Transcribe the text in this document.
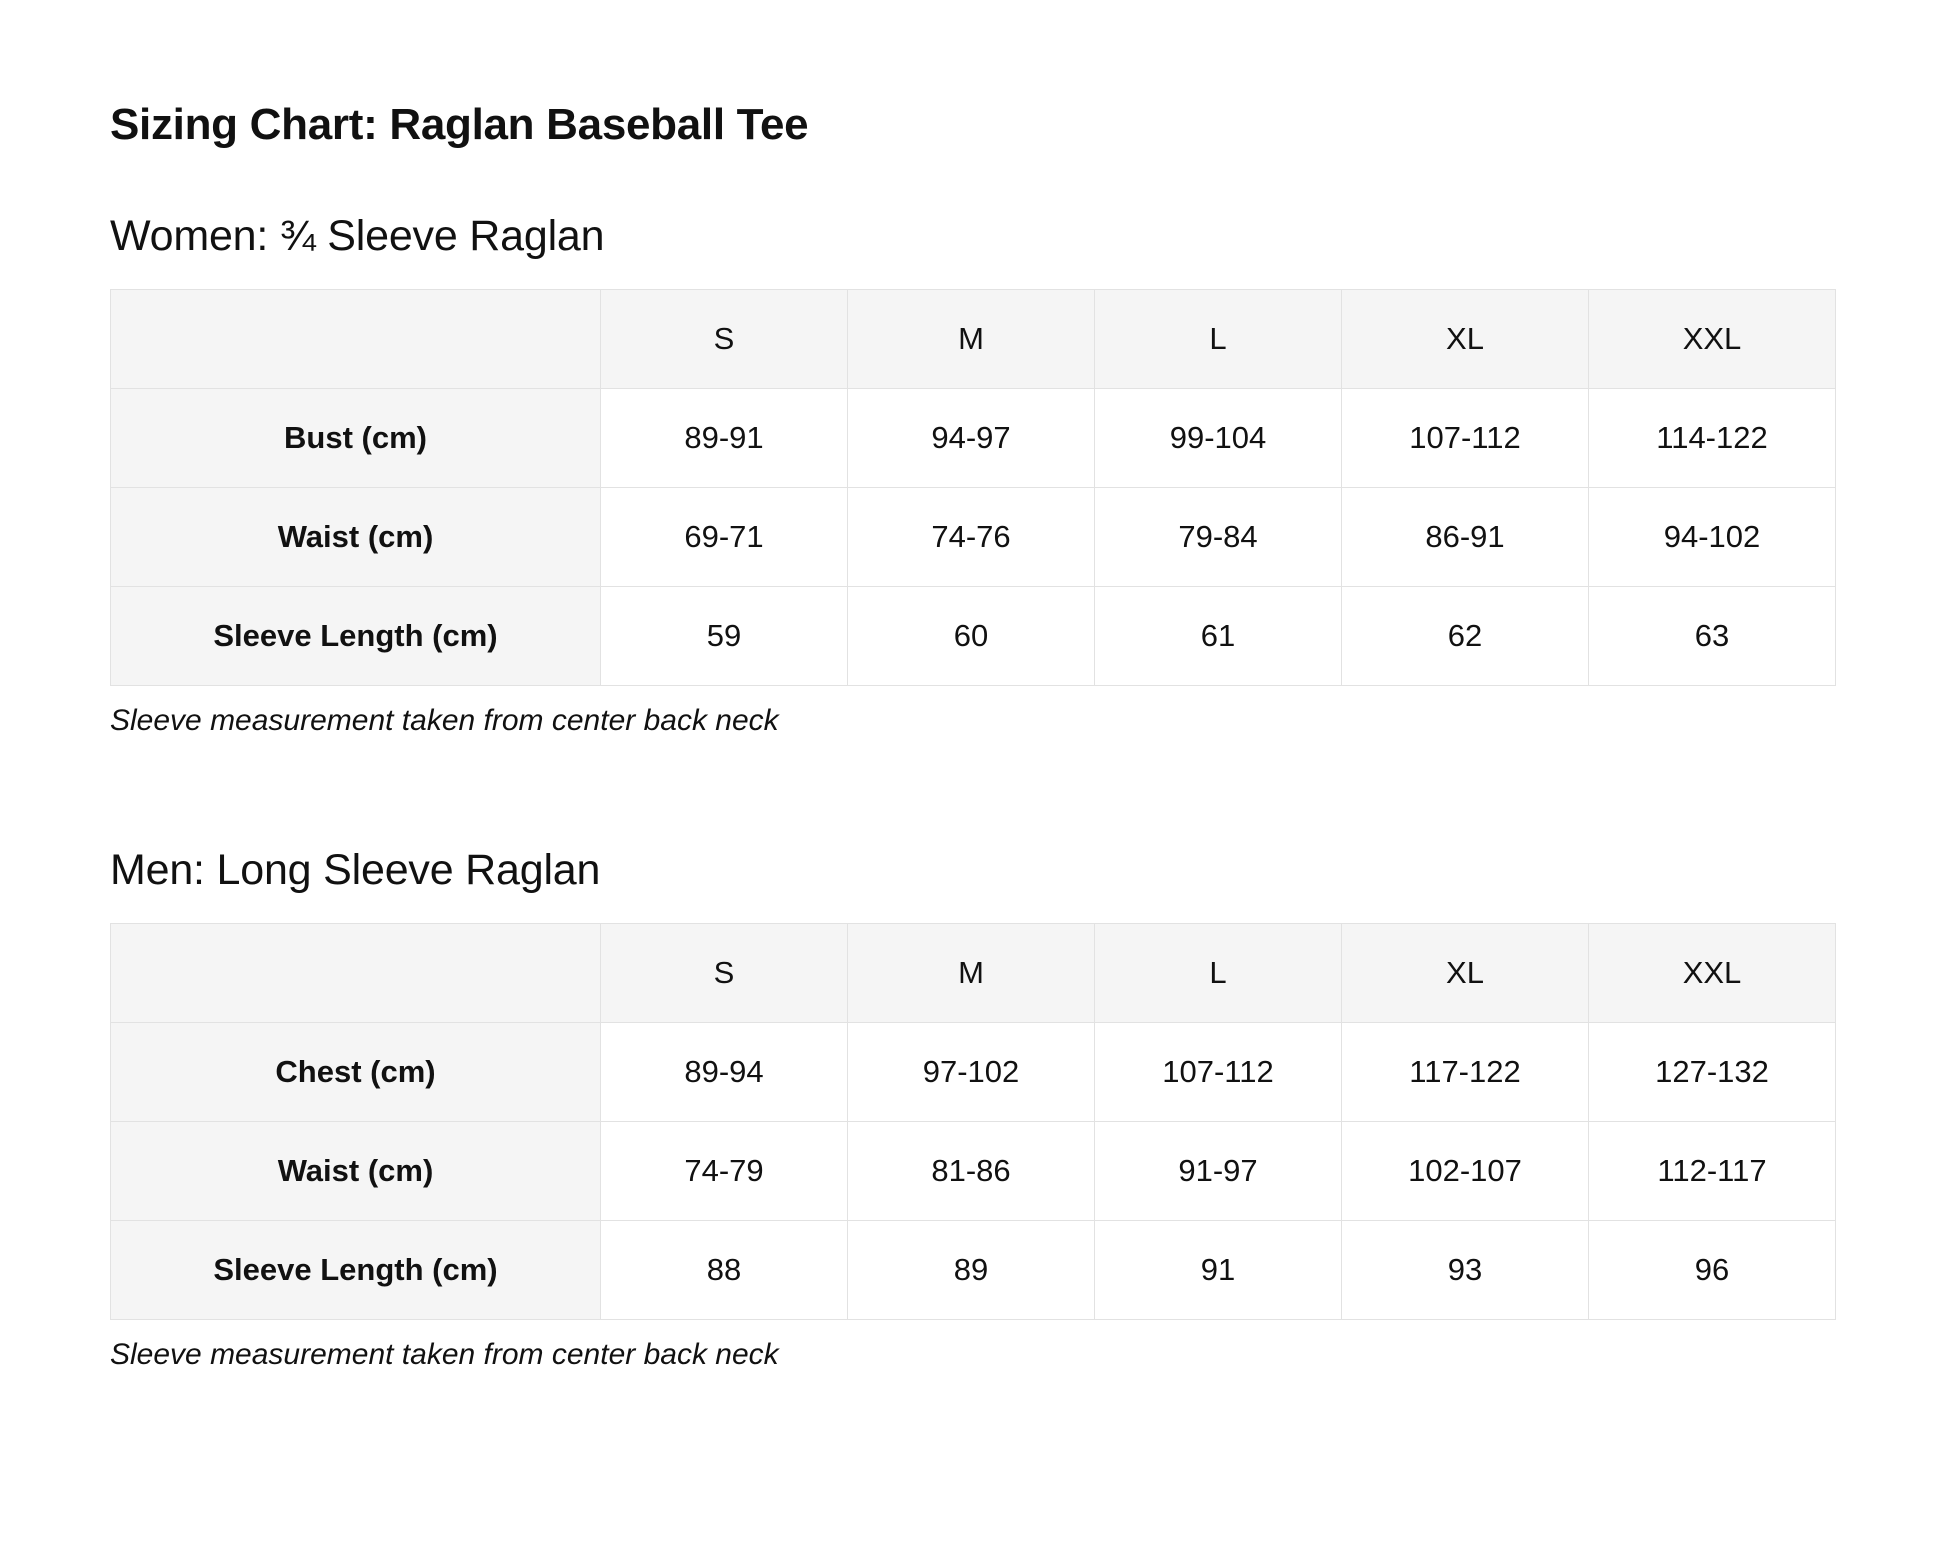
Sizing Chart: Raglan Baseball Tee
Women: ¾ Sleeve Raglan
	S	M	L	XL	XXL
Bust (cm)	89-91	94-97	99-104	107-112	114-122
Waist (cm)	69-71	74-76	79-84	86-91	94-102
Sleeve Length (cm)	59	60	61	62	63

Sleeve measurement taken from center back neck

Men: Long Sleeve Raglan
	S	M	L	XL	XXL
Chest (cm)	89-94	97-102	107-112	117-122	127-132
Waist (cm)	74-79	81-86	91-97	102-107	112-117
Sleeve Length (cm)	88	89	91	93	96

Sleeve measurement taken from center back neck
